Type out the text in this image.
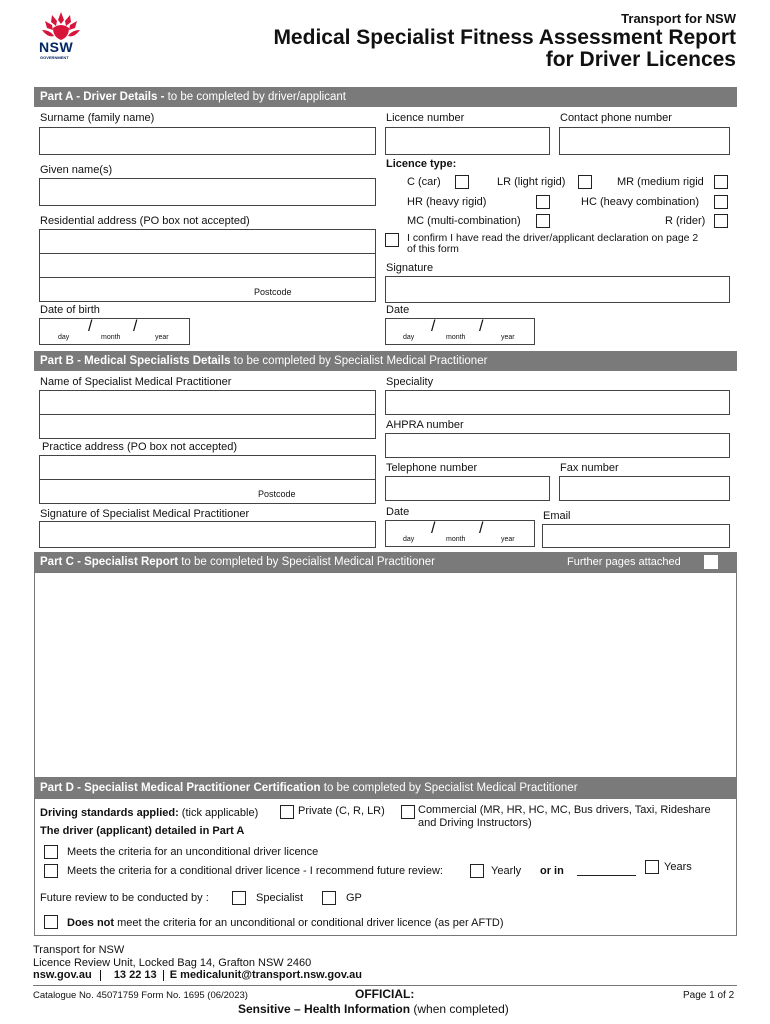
NSW
GOVERNMENT
Transport for NSW
Medical Specialist Fitness Assessment Report
for Driver Licences
Part A - Driver Details - to be completed by driver/applicant
Surname (family name)	Licence number	Contact phone number
Given name(s)	Licence type:
C (car)	LR (light rigid)	MR (medium rigid
HR (heavy rigid)	HC (heavy combination)
MC (multi-combination)	R (rider)
Residential address (PO box not accepted)
Postcode
I confirm I have read the driver/applicant declaration on page 2
of this form
Signature
Date of birth
day
/
month
/
year
Date
day
/
month
/
year
Part B - Medical Specialists Details to be completed by Specialist Medical Practitioner
Name of Specialist Medical Practitioner	Speciality
AHPRA number
Practice address (PO box not accepted)
Postcode
Telephone number	Fax number
Signature of Specialist Medical Practitioner	Date
day
/
month
/
year
Email
Part C - Specialist Report to be completed by Specialist Medical Practitioner	Further pages attached
Part D - Specialist Medical Practitioner Certification to be completed by Specialist Medical Practitioner
Driving standards applied: (tick applicable)	Private (C, R, LR)	Commercial (MR, HR, HC, MC, Bus drivers, Taxi, Rideshare
and Driving Instructors)
The driver (applicant) detailed in Part A
Meets the criteria for an unconditional driver licence
Meets the criteria for a conditional driver licence - I recommend future review:	Yearly or in	Years
Future review to be conducted by :	Specialist	GP
Does not meet the criteria for an unconditional or conditional driver licence (as per AFTD)
Transport for NSW
Licence Review Unit, Locked Bag 14, Grafton NSW 2460
nsw.gov.au 13 22 13 E medicalunit@transport.nsw.gov.au
Catalogue No. 45071759 Form No. 1695 (06/2023)	OFFICIAL:
Sensitive – Health Information (when completed)
Page 1 of 2
